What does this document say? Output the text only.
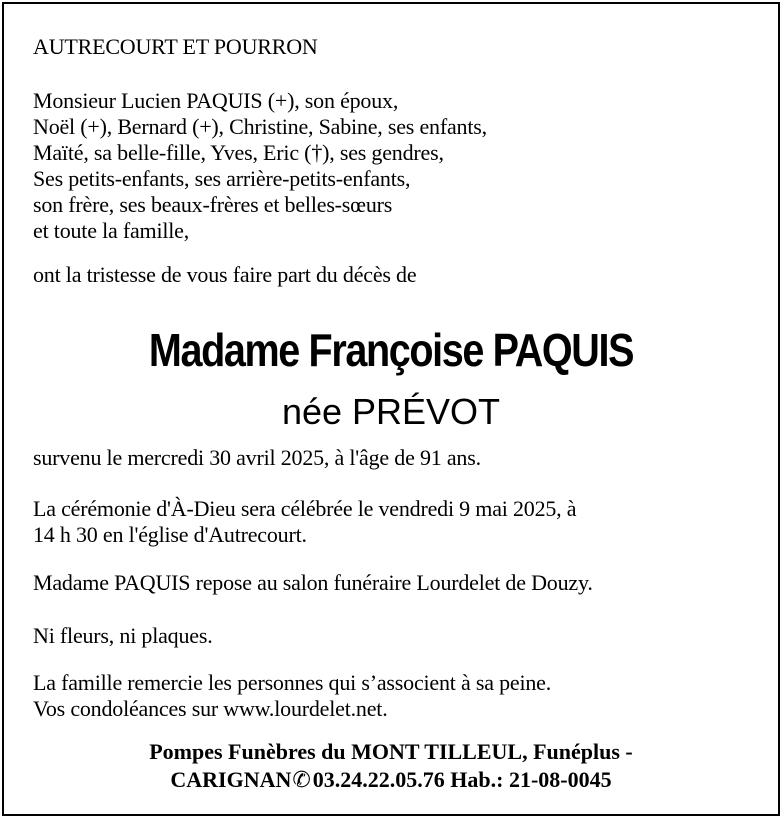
AUTRECOURT ET POURRON
Monsieur Lucien PAQUIS (+), son époux,
Noël (+), Bernard (+), Christine, Sabine, ses enfants,
Maïté, sa belle-fille, Yves, Eric (†), ses gendres,
Ses petits-enfants, ses arrière-petits-enfants,
son frère, ses beaux-frères et belles-sœurs
et toute la famille,
ont la tristesse de vous faire part du décès de
Madame Françoise PAQUIS
née PRÉVOT
survenu le mercredi 30 avril 2025, à l'âge de 91 ans.
La cérémonie d'À-Dieu sera célébrée le vendredi 9 mai 2025, à
14 h 30 en l'église d'Autrecourt.
Madame PAQUIS repose au salon funéraire Lourdelet de Douzy.
Ni fleurs, ni plaques.
La famille remercie les personnes qui s’associent à sa peine.
Vos condoléances sur www.lourdelet.net.
Pompes Funèbres du MONT TILLEUL, Funéplus -
CARIGNAN✆03.24.22.05.76 Hab.: 21-08-0045
